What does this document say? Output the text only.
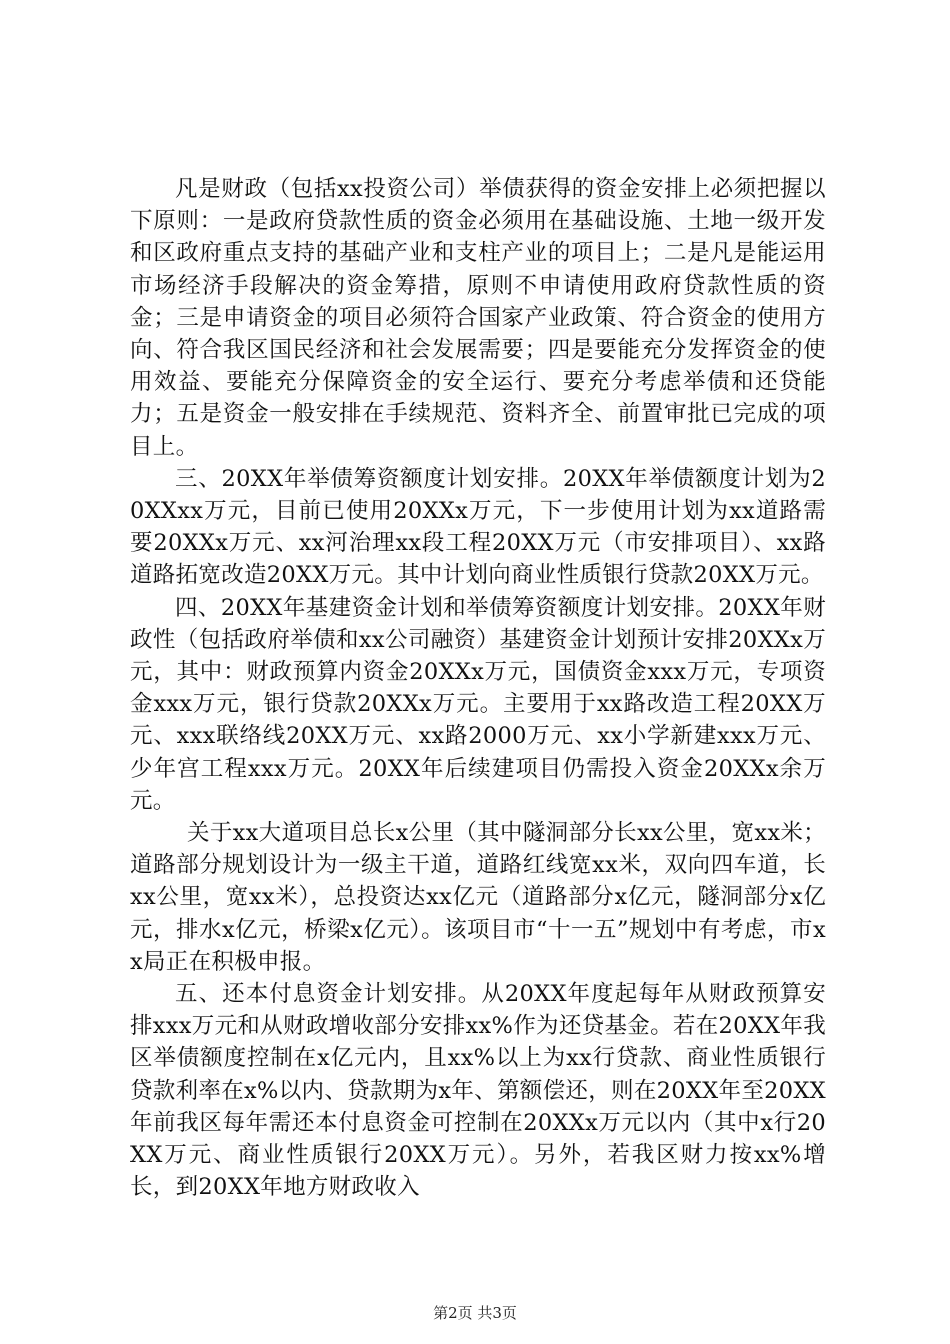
凡是财政（包括xx投资公司）举债获得的资金安排上必须把握以下原则：一是政府贷款性质的资金必须用在基础设施、土地一级开发和区政府重点支持的基础产业和支柱产业的项目上；二是凡是能运用市场经济手段解决的资金筹措，原则不申请使用政府贷款性质的资金；三是申请资金的项目必须符合国家产业政策、符合资金的使用方向、符合我区国民经济和社会发展需要；四是要能充分发挥资金的使用效益、要能充分保障资金的安全运行、要充分考虑举债和还贷能力；五是资金一般安排在手续规范、资料齐全、前置审批已完成的项目上。

三、20XX年举债筹资额度计划安排。20XX年举债额度计划为20XXxx万元，目前已使用20XXx万元，下一步使用计划为xx道路需要20XXx万元、xx河治理xx段工程20XX万元（市安排项目）、xx路道路拓宽改造20XX万元。其中计划向商业性质银行贷款20XX万元。

四、20XX年基建资金计划和举债筹资额度计划安排。20XX年财政性（包括政府举债和xx公司融资）基建资金计划预计安排20XXx万元，其中：财政预算内资金20XXx万元，国债资金xxx万元，专项资金xxx万元，银行贷款20XXx万元。主要用于xx路改造工程20XX万元、xxx联络线20XX万元、xx路2000万元、xx小学新建xxx万元、少年宫工程xxx万元。20XX年后续建项目仍需投入资金20XXx余万元。

关于xx大道项目总长x公里（其中隧洞部分长xx公里，宽xx米；道路部分规划设计为一级主干道，道路红线宽xx米，双向四车道，长xx公里，宽xx米），总投资达xx亿元（道路部分x亿元，隧洞部分x亿元，排水x亿元，桥梁x亿元）。该项目市“十一五”规划中有考虑，市xx局正在积极申报。

五、还本付息资金计划安排。从20XX年度起每年从财政预算安排xxx万元和从财政增收部分安排xx%作为还贷基金。若在20XX年我区举债额度控制在x亿元内，且xx%以上为xx行贷款、商业性质银行贷款利率在x%以内、贷款期为x年、第额偿还，则在20XX年至20XX年前我区每年需还本付息资金可控制在20XXx万元以内（其中x行20XX万元、商业性质银行20XX万元）。另外，若我区财力按xx%增长，到20XX年地方财政收入

第2页 共3页
